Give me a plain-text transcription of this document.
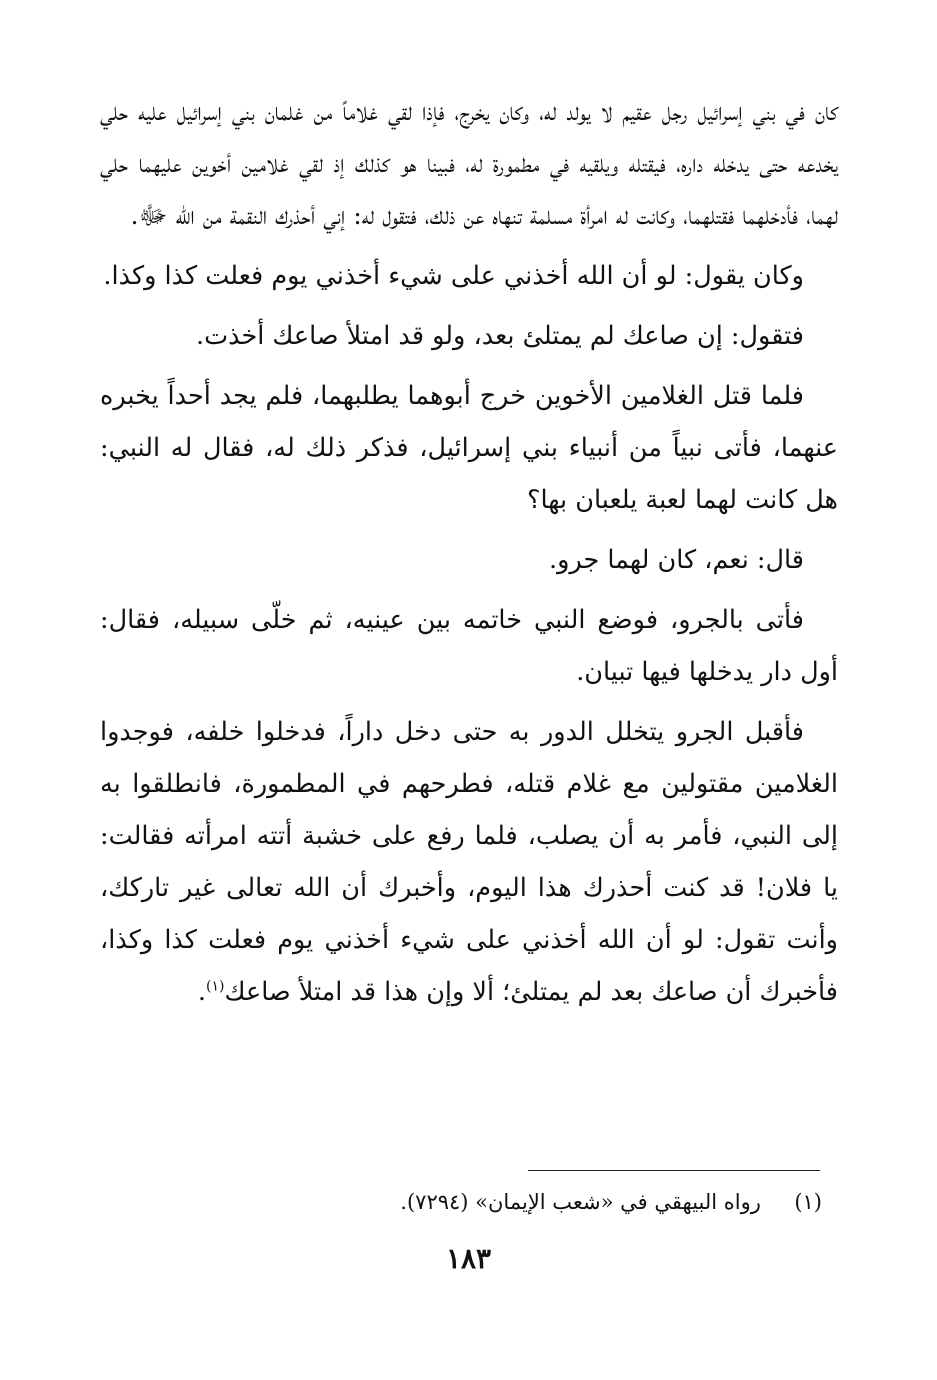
كان في بني إسرائيل رجل عقيم لا يولد له، وكان يخرج، فإذا لقي غلاماً من غلمان بني إسرائيل عليه حلي يخدعه حتى يدخله داره، فيقتله ويلقيه في مطمورة له، فبينا هو كذلك إذ لقي غلامين أخوين عليهما حلي لهما، فأدخلهما فقتلهما، وكانت له امرأة مسلمة تنهاه عن ذلك، فتقول له: إني أحذرك النقمة من الله ﷻ.

وكان يقول: لو أن الله أخذني على شيء أخذني يوم فعلت كذا وكذا.

فتقول: إن صاعك لم يمتلئ بعد، ولو قد امتلأ صاعك أخذت.

فلما قتل الغلامين الأخوين خرج أبوهما يطلبهما، فلم يجد أحداً يخبره عنهما، فأتى نبياً من أنبياء بني إسرائيل، فذكر ذلك له، فقال له النبي: هل كانت لهما لعبة يلعبان بها؟

قال: نعم، كان لهما جرو.

فأتى بالجرو، فوضع النبي خاتمه بين عينيه، ثم خلّى سبيله، فقال: أول دار يدخلها فيها تبيان.

فأقبل الجرو يتخلل الدور به حتى دخل داراً، فدخلوا خلفه، فوجدوا الغلامين مقتولين مع غلام قتله، فطرحهم في المطمورة، فانطلقوا به إلى النبي، فأمر به أن يصلب، فلما رفع على خشبة أتته امرأته فقالت: يا فلان! قد كنت أحذرك هذا اليوم، وأخبرك أن الله تعالى غير تاركك، وأنت تقول: لو أن الله أخذني على شيء أخذني يوم فعلت كذا وكذا، فأخبرك أن صاعك بعد لم يمتلئ؛ ألا وإن هذا قد امتلأ صاعك$^{(١)}$.

(١)     رواه البيهقي في «شعب الإيمان» (٧٢٩٤).
١٨٣
